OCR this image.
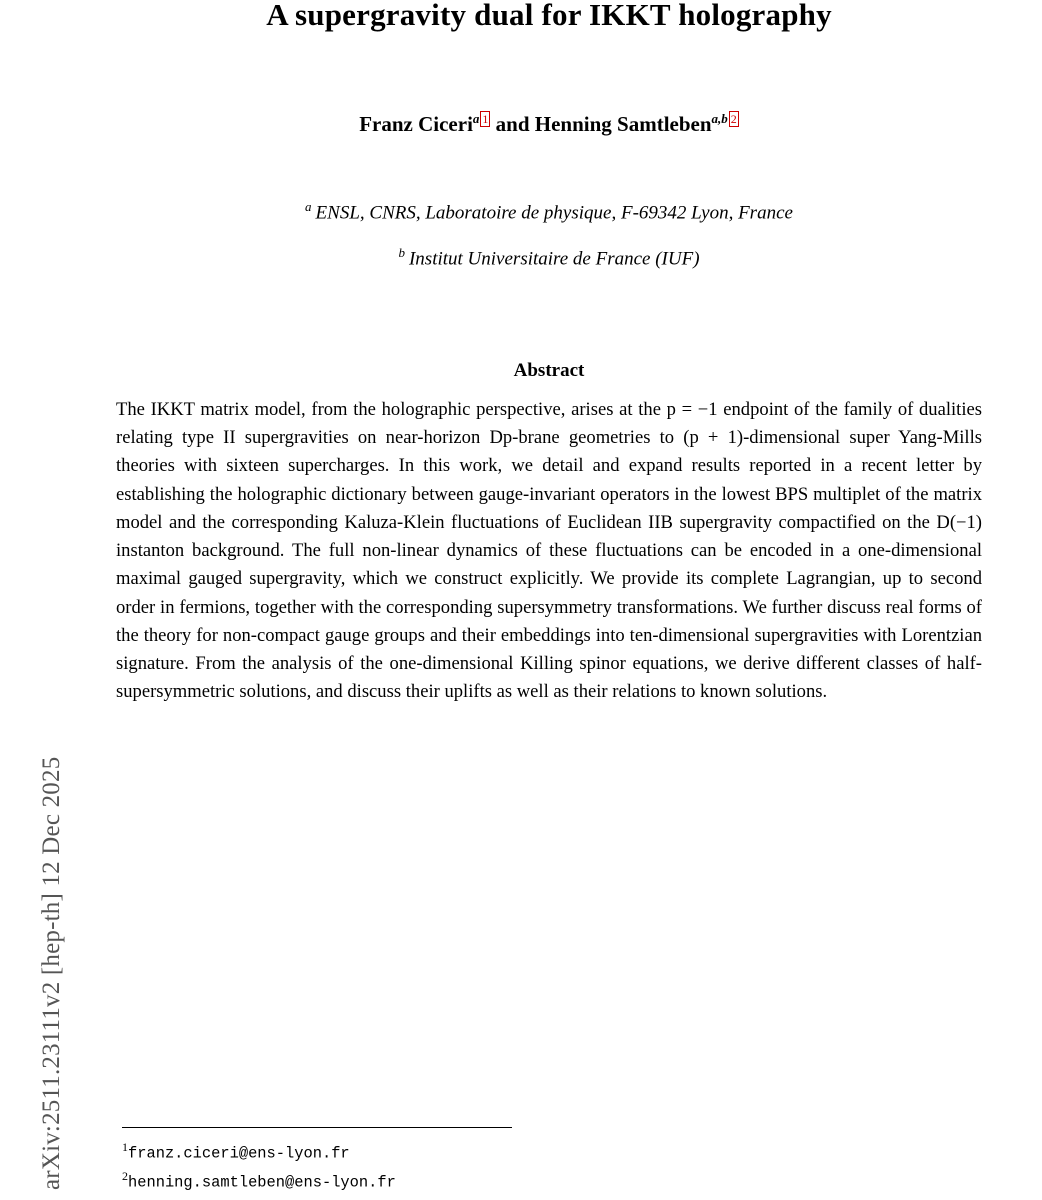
arXiv:2511.23111v2 [hep-th] 12 Dec 2025
A supergravity dual for IKKT holography
Franz Ciceri$^a$ $^1$ and Henning Samtleben$^{a,b}$ $^2$
$^a$ ENSL, CNRS, Laboratoire de physique, F-69342 Lyon, France
$^b$ Institut Universitaire de France (IUF)
Abstract
The IKKT matrix model, from the holographic perspective, arises at the p = −1 endpoint of the family of dualities relating type II supergravities on near-horizon Dp-brane geometries to (p + 1)-dimensional super Yang-Mills theories with sixteen supercharges. In this work, we detail and expand results reported in a recent letter by establishing the holographic dictionary between gauge-invariant operators in the lowest BPS multiplet of the matrix model and the corresponding Kaluza-Klein fluctuations of Euclidean IIB supergravity compactified on the D(−1) instanton background. The full non-linear dynamics of these fluctuations can be encoded in a one-dimensional maximal gauged supergravity, which we construct explicitly. We provide its complete Lagrangian, up to second order in fermions, together with the corresponding supersymmetry transformations. We further discuss real forms of the theory for non-compact gauge groups and their embeddings into ten-dimensional supergravities with Lorentzian signature. From the analysis of the one-dimensional Killing spinor equations, we derive different classes of half-supersymmetric solutions, and discuss their uplifts as well as their relations to known solutions.
$^1$franz.ciceri@ens-lyon.fr
$^2$henning.samtleben@ens-lyon.fr
